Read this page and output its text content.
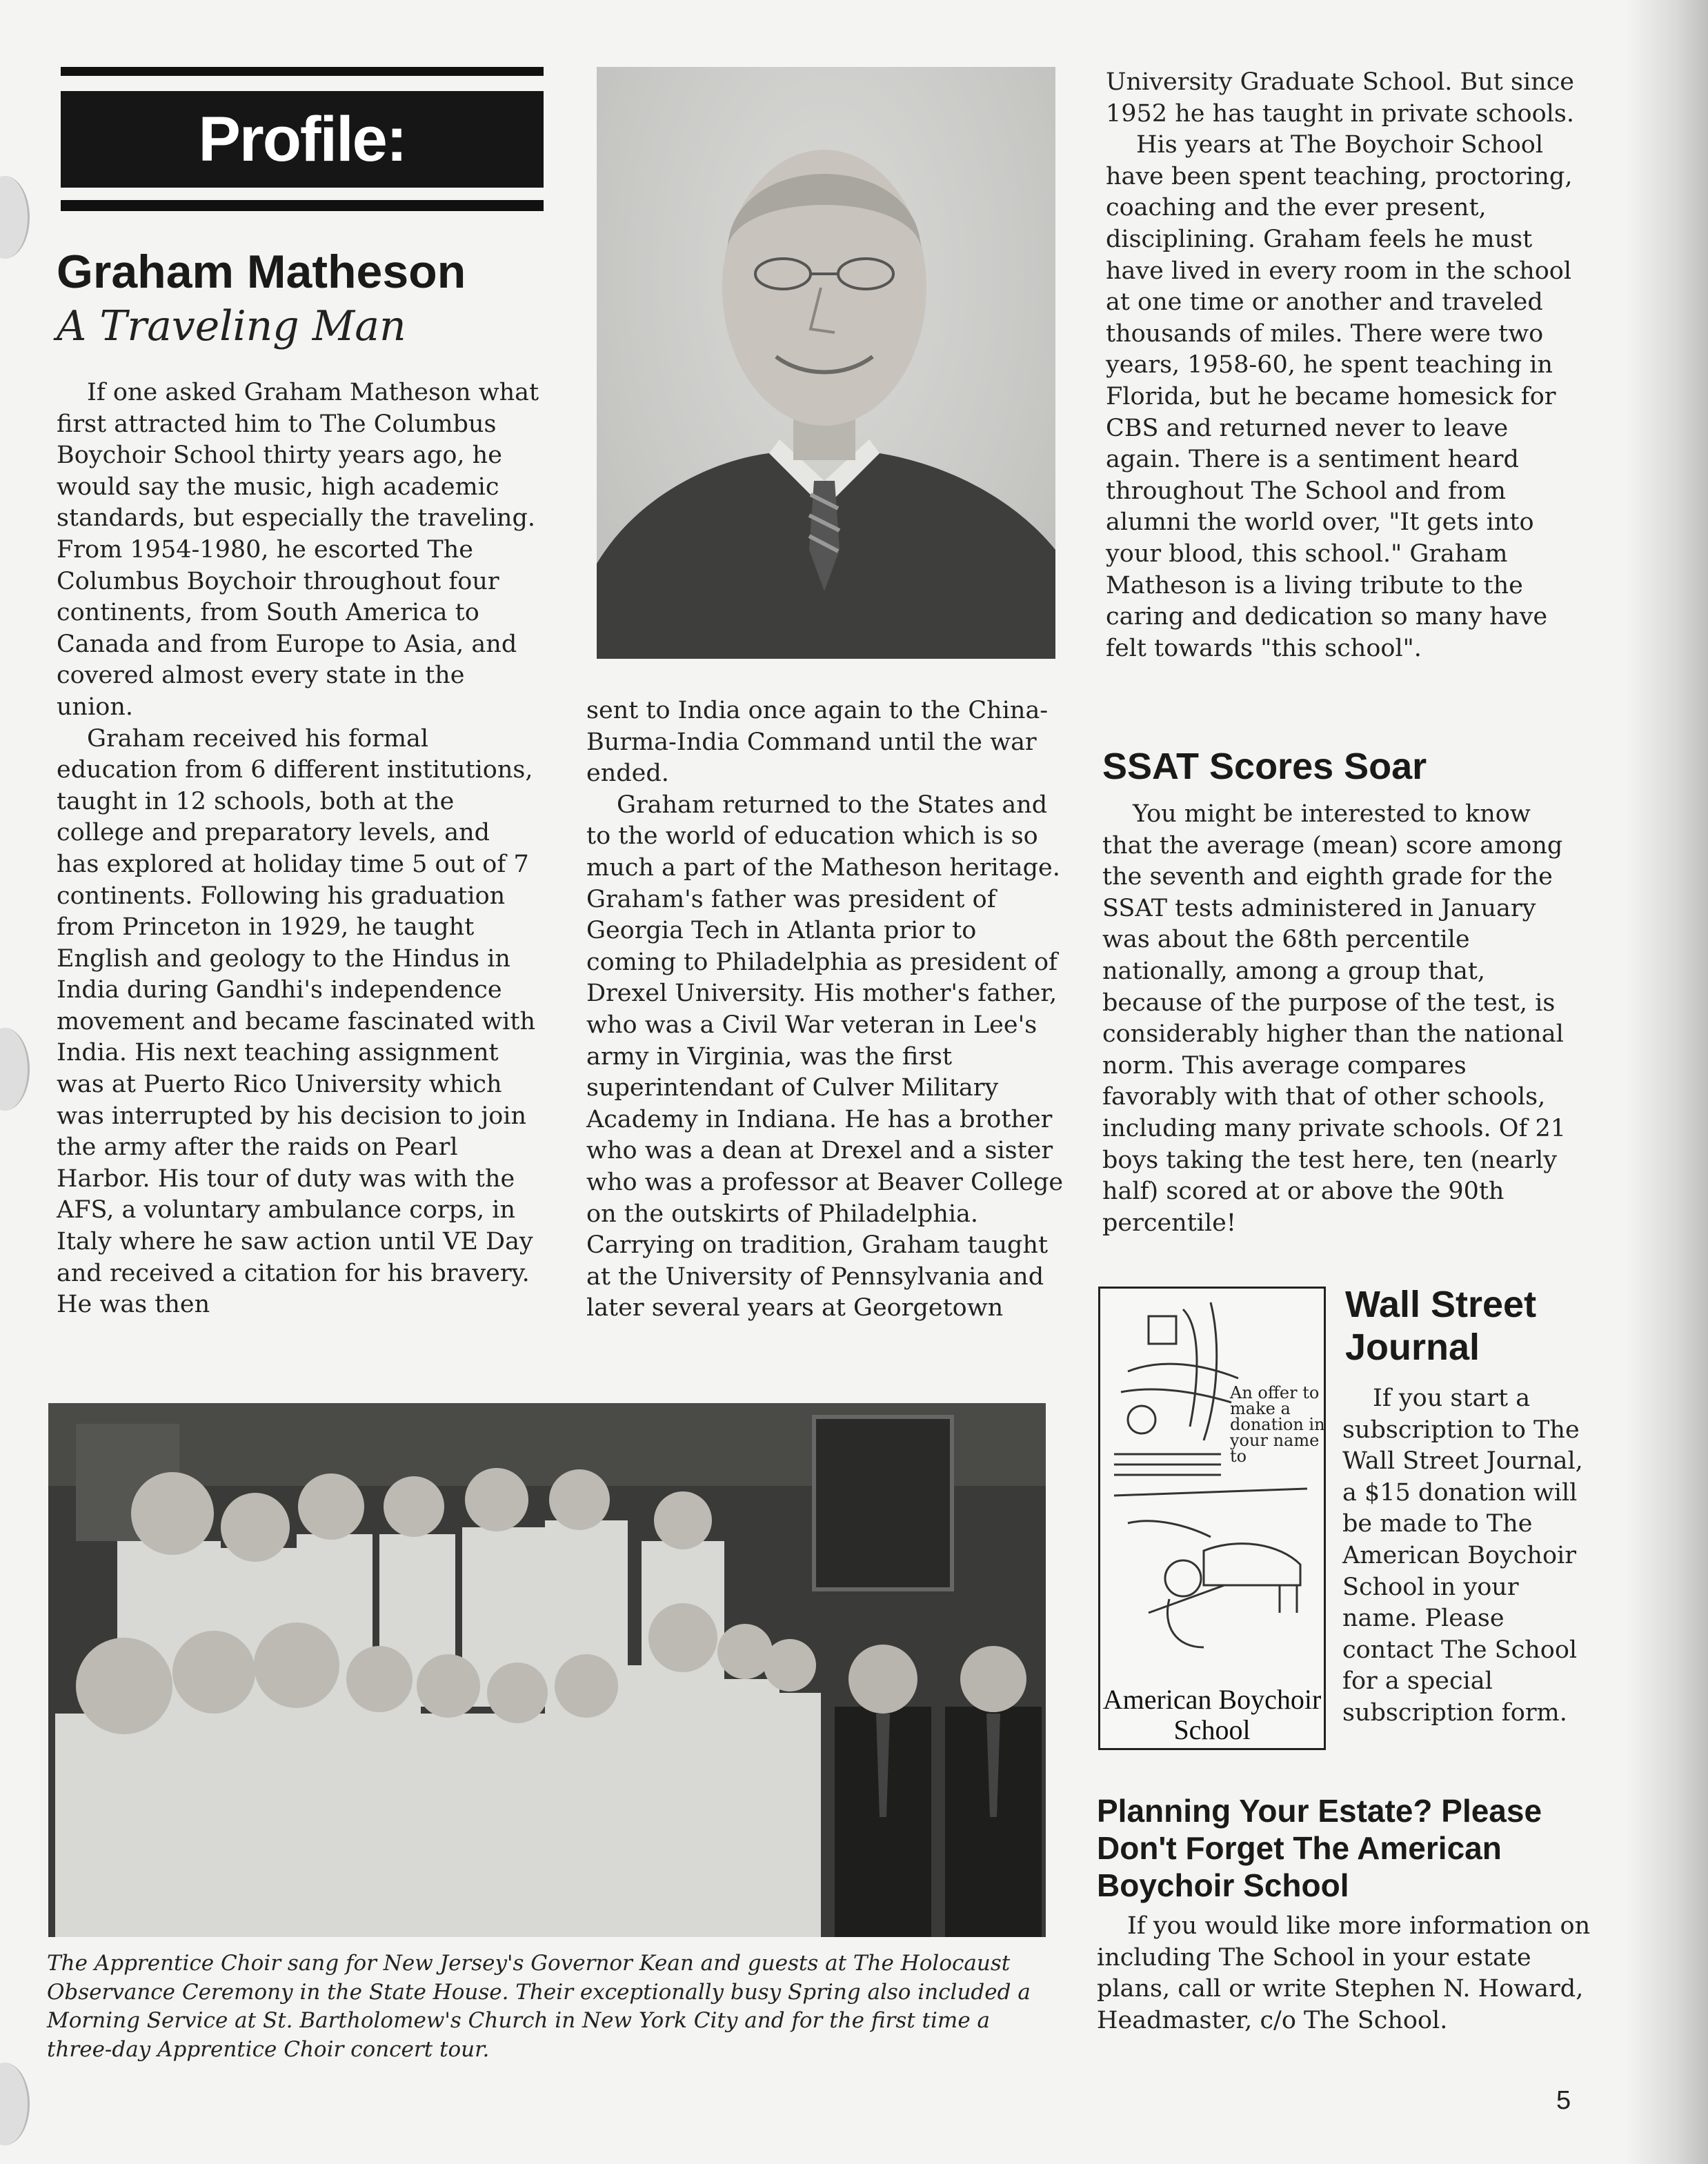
Profile:
Graham Matheson
A Traveling Man

If one asked Graham Matheson what first attracted him to The Columbus Boychoir School thirty years ago, he would say the music, high academic standards, but especially the traveling. From 1954-1980, he escorted The Columbus Boychoir throughout four continents, from South America to Canada and from Europe to Asia, and covered almost every state in the union.

Graham received his formal education from 6 different institutions, taught in 12 schools, both at the college and preparatory levels, and has explored at holiday time 5 out of 7 continents. Following his graduation from Princeton in 1929, he taught English and geology to the Hindus in India during Gandhi's independence movement and became fascinated with India. His next teaching assignment was at Puerto Rico University which was interrupted by his decision to join the army after the raids on Pearl Harbor. His tour of duty was with the AFS, a voluntary ambulance corps, in Italy where he saw action until VE Day and received a citation for his bravery. He was then

sent to India once again to the China-Burma-India Command until the war ended.

Graham returned to the States and to the world of education which is so much a part of the Matheson heritage. Graham's father was president of Georgia Tech in Atlanta prior to coming to Philadelphia as president of Drexel University. His mother's father, who was a Civil War veteran in Lee's army in Virginia, was the first superintendant of Culver Military Academy in Indiana. He has a brother who was a dean at Drexel and a sister who was a professor at Beaver College on the outskirts of Philadelphia. Carrying on tradition, Graham taught at the University of Pennsylvania and later several years at Georgetown

University Graduate School. But since 1952 he has taught in private schools.

His years at The Boychoir School have been spent teaching, proctoring, coaching and the ever present, disciplining. Graham feels he must have lived in every room in the school at one time or another and traveled thousands of miles. There were two years, 1958-60, he spent teaching in Florida, but he became homesick for CBS and returned never to leave again. There is a sentiment heard throughout The School and from alumni the world over, "It gets into your blood, this school." Graham Matheson is a living tribute to the caring and dedication so many have felt towards "this school".

SSAT Scores Soar

You might be interested to know that the average (mean) score among the seventh and eighth grade for the SSAT tests administered in January was about the 68th percentile nationally, among a group that, because of the purpose of the test, is considerably higher than the national norm. This average compares favorably with that of other schools, including many private schools. Of 21 boys taking the test here, ten (nearly half) scored at or above the 90th percentile!

An offer to make a donation in your name to
American Boychoir School
Wall Street Journal

If you start a subscription to The Wall Street Journal, a $15 donation will be made to The American Boychoir School in your name. Please contact The School for a special subscription form.

Planning Your Estate? Please Don't Forget The American Boychoir School

If you would like more information on including The School in your estate plans, call or write Stephen N. Howard, Headmaster, c/o The School.

The Apprentice Choir sang for New Jersey's Governor Kean and guests at The Holocaust Observance Ceremony in the State House. Their exceptionally busy Spring also included a Morning Service at St. Bartholomew's Church in New York City and for the first time a three-day Apprentice Choir concert tour.
5
